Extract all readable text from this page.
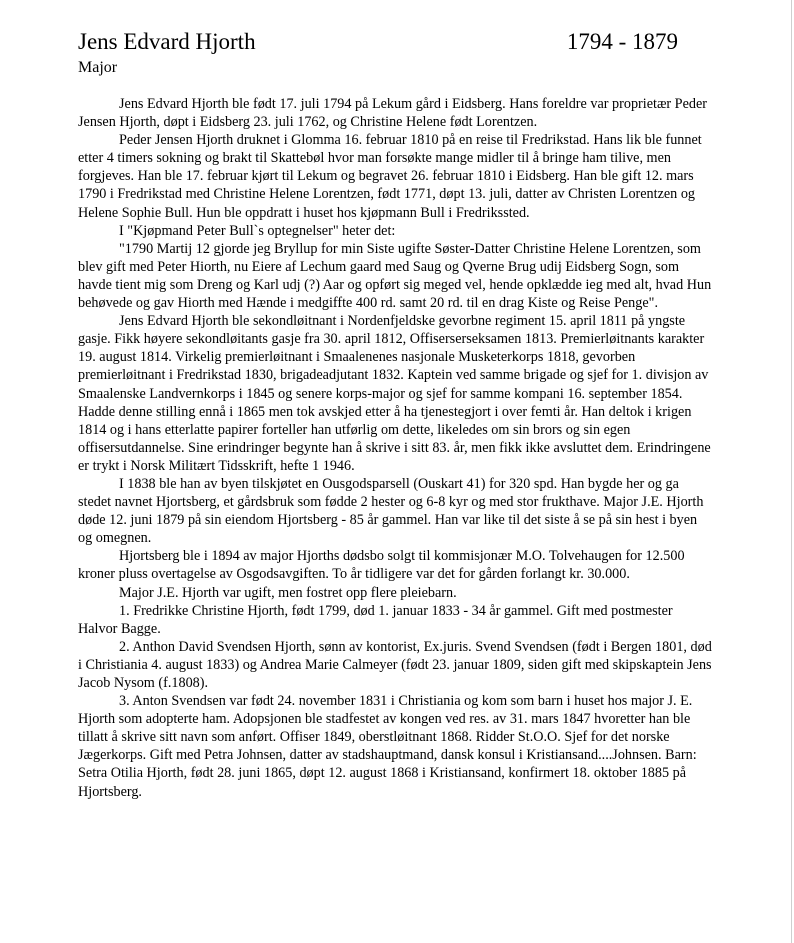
Jens Edvard Hjorth	1794 - 1879
Major

Jens Edvard Hjorth ble født 17. juli 1794 på Lekum gård i Eidsberg. Hans foreldre var proprietær Peder Jensen Hjorth, døpt i Eidsberg 23. juli 1762, og Christine Helene født Lorentzen.

Peder Jensen Hjorth druknet i Glomma 16. februar 1810 på en reise til Fredrikstad. Hans lik ble funnet etter 4 timers sokning og brakt til Skattebøl hvor man forsøkte mange midler til å bringe ham tilive, men forgjeves. Han ble 17. februar kjørt til Lekum og begravet 26. februar 1810 i Eidsberg. Han ble gift 12. mars 1790 i Fredrikstad med Christine Helene Lorentzen, født 1771, døpt 13. juli, datter av Christen Lorentzen og Helene Sophie Bull. Hun ble oppdratt i huset hos kjøpmann Bull i Fredrikssted.

I "Kjøpmand Peter Bull`s optegnelser" heter det:

"1790 Martij 12 gjorde jeg Bryllup for min Siste ugifte Søster-Datter Christine Helene Lorentzen, som blev gift med Peter Hiorth, nu Eiere af Lechum gaard med Saug og Qverne Brug udij Eidsberg Sogn, som havde tient mig som Dreng og Karl udj (?) Aar og opført sig meged vel, hende opklædde ieg med alt, hvad Hun behøvede og gav Hiorth med Hænde i medgiffte 400 rd. samt 20 rd. til en drag Kiste og Reise Penge".

Jens Edvard Hjorth ble sekondløitnant i Nordenfjeldske gevorbne regiment 15. april 1811 på yngste gasje. Fikk høyere sekondløitants gasje fra 30. april 1812, Offiserserseksamen 1813. Premierløitnants karakter 19. august 1814. Virkelig premierløitnant i Smaalenenes nasjonale Musketerkorps 1818, gevorben premierløitnant i Fredrikstad 1830, brigadeadjutant 1832. Kaptein ved samme brigade og sjef for 1. divisjon av Smaalenske Landvernkorps i 1845 og senere korps-major og sjef for samme kompani 16. september 1854. Hadde denne stilling ennå i 1865 men tok avskjed etter å ha tjenestegjort i over femti år. Han deltok i krigen 1814 og i hans etterlatte papirer forteller han utførlig om dette, likeledes om sin brors og sin egen offisersutdannelse. Sine erindringer begynte han å skrive i sitt 83. år, men fikk ikke avsluttet dem. Erindringene er trykt i Norsk Militært Tidsskrift, hefte 1 1946.

I 1838 ble han av byen tilskjøtet en Ousgodsparsell (Ouskart 41) for 320 spd. Han bygde her og ga stedet navnet Hjortsberg, et gårdsbruk som fødde 2 hester og 6-8 kyr og med stor frukthave. Major J.E. Hjorth døde 12. juni 1879 på sin eiendom Hjortsberg - 85 år gammel. Han var like til det siste å se på sin hest i byen og omegnen.

Hjortsberg ble i 1894 av major Hjorths dødsbo solgt til kommisjonær M.O. Tolvehaugen for 12.500 kroner pluss overtagelse av Osgodsavgiften. To år tidligere var det for gården forlangt kr. 30.000.

Major J.E. Hjorth var ugift, men fostret opp flere pleiebarn.

1. Fredrikke Christine Hjorth, født 1799, død 1. januar 1833 - 34 år gammel. Gift med postmester Halvor Bagge.

2. Anthon David Svendsen Hjorth, sønn av kontorist, Ex.juris. Svend Svendsen (født i Bergen 1801, død i Christiania 4. august 1833) og Andrea Marie Calmeyer (født 23. januar 1809, siden gift med skipskaptein Jens Jacob Nysom (f.1808).

3. Anton Svendsen var født 24. november 1831 i Christiania og kom som barn i huset hos major J. E. Hjorth som adopterte ham. Adopsjonen ble stadfestet av kongen ved res. av 31. mars 1847 hvoretter han ble tillatt å skrive sitt navn som anført. Offiser 1849, oberstløitnant 1868. Ridder St.O.O. Sjef for det norske Jægerkorps. Gift med Petra Johnsen, datter av stadshauptmand, dansk konsul i Kristiansand....Johnsen. Barn: Setra Otilia Hjorth, født 28. juni 1865, døpt 12. august 1868 i Kristiansand, konfirmert 18. oktober 1885 på Hjortsberg.
